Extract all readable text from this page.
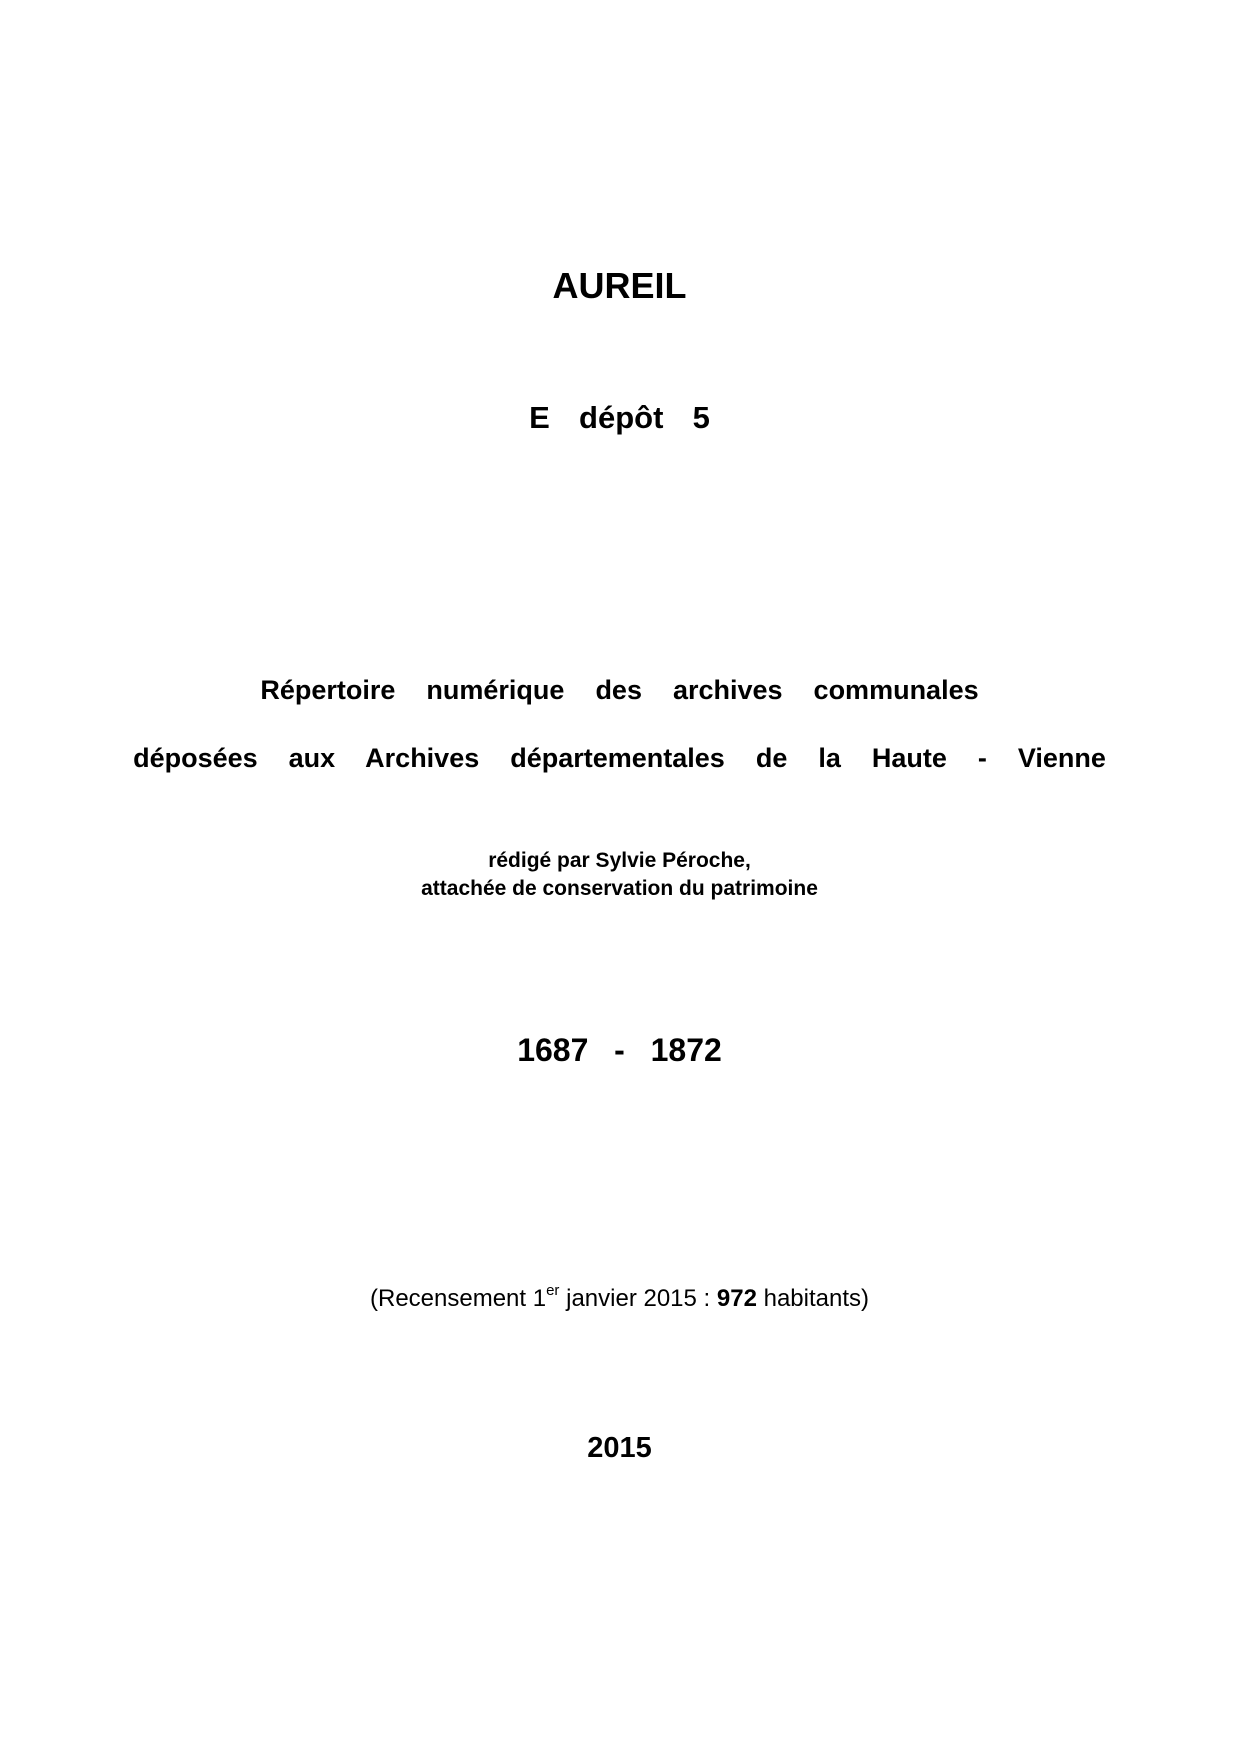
AUREIL
E  dépôt  5
Répertoire  numérique  des  archives  communales
déposées  aux  Archives  départementales  de  la  Haute  -  Vienne
rédigé par Sylvie Péroche,
attachée de conservation du patrimoine
1687  -  1872
(Recensement 1er janvier 2015 : 972 habitants)
2015
